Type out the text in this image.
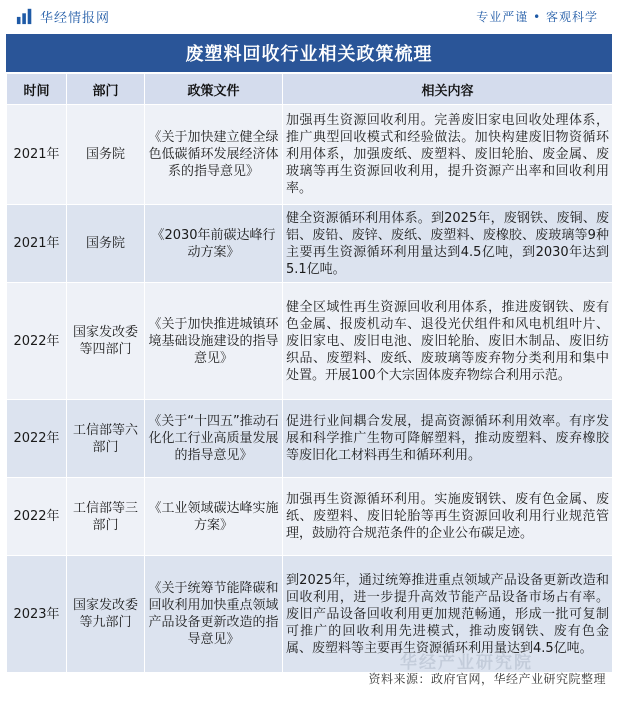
华经情报网	专业严谨 • 客观科学
废塑料回收行业相关政策梳理
时间	部门	政策文件	相关内容
2021年	国务院	《关于加快建立健全绿色低碳循环发展经济体系的指导意见》	加强再生资源回收利用。完善废旧家电回收处理体系，推广典型回收模式和经验做法。加快构建废旧物资循环利用体系，加强废纸、废塑料、废旧轮胎、废金属、废玻璃等再生资源回收利用，提升资源产出率和回收利用率。
2021年	国务院	《2030年前碳达峰行动方案》	健全资源循环利用体系。到2025年，废钢铁、废铜、废铝、废铅、废锌、废纸、废塑料、废橡胶、废玻璃等9种主要再生资源循环利用量达到4.5亿吨，到2030年达到5.1亿吨。
2022年	国家发改委等四部门	《关于加快推进城镇环境基础设施建设的指导意见》	健全区域性再生资源回收利用体系，推进废钢铁、废有色金属、报废机动车、退役光伏组件和风电机组叶片、废旧家电、废旧电池、废旧轮胎、废旧木制品、废旧纺织品、废塑料、废纸、废玻璃等废弃物分类利用和集中处置。开展100个大宗固体废弃物综合利用示范。
2022年	工信部等六部门	《关于“十四五”推动石化化工行业高质量发展的指导意见》	促进行业间耦合发展，提高资源循环利用效率。有序发展和科学推广生物可降解塑料，推动废塑料、废弃橡胶等废旧化工材料再生和循环利用。
2022年	工信部等三部门	《工业领域碳达峰实施方案》	加强再生资源循环利用。实施废钢铁、废有色金属、废纸、废塑料、废旧轮胎等再生资源回收利用行业规范管理，鼓励符合规范条件的企业公布碳足迹。
2023年	国家发改委等九部门	《关于统筹节能降碳和回收利用加快重点领域产品设备更新改造的指导意见》	到2025年，通过统筹推进重点领域产品设备更新改造和回收利用，进一步提升高效节能产品设备市场占有率。废旧产品设备回收利用更加规范畅通，形成一批可复制可推广的回收利用先进模式，推动废钢铁、废有色金属、废塑料等主要再生资源循环利用量达到4.5亿吨。
华经产业研究院
资料来源：政府官网，华经产业研究院整理
